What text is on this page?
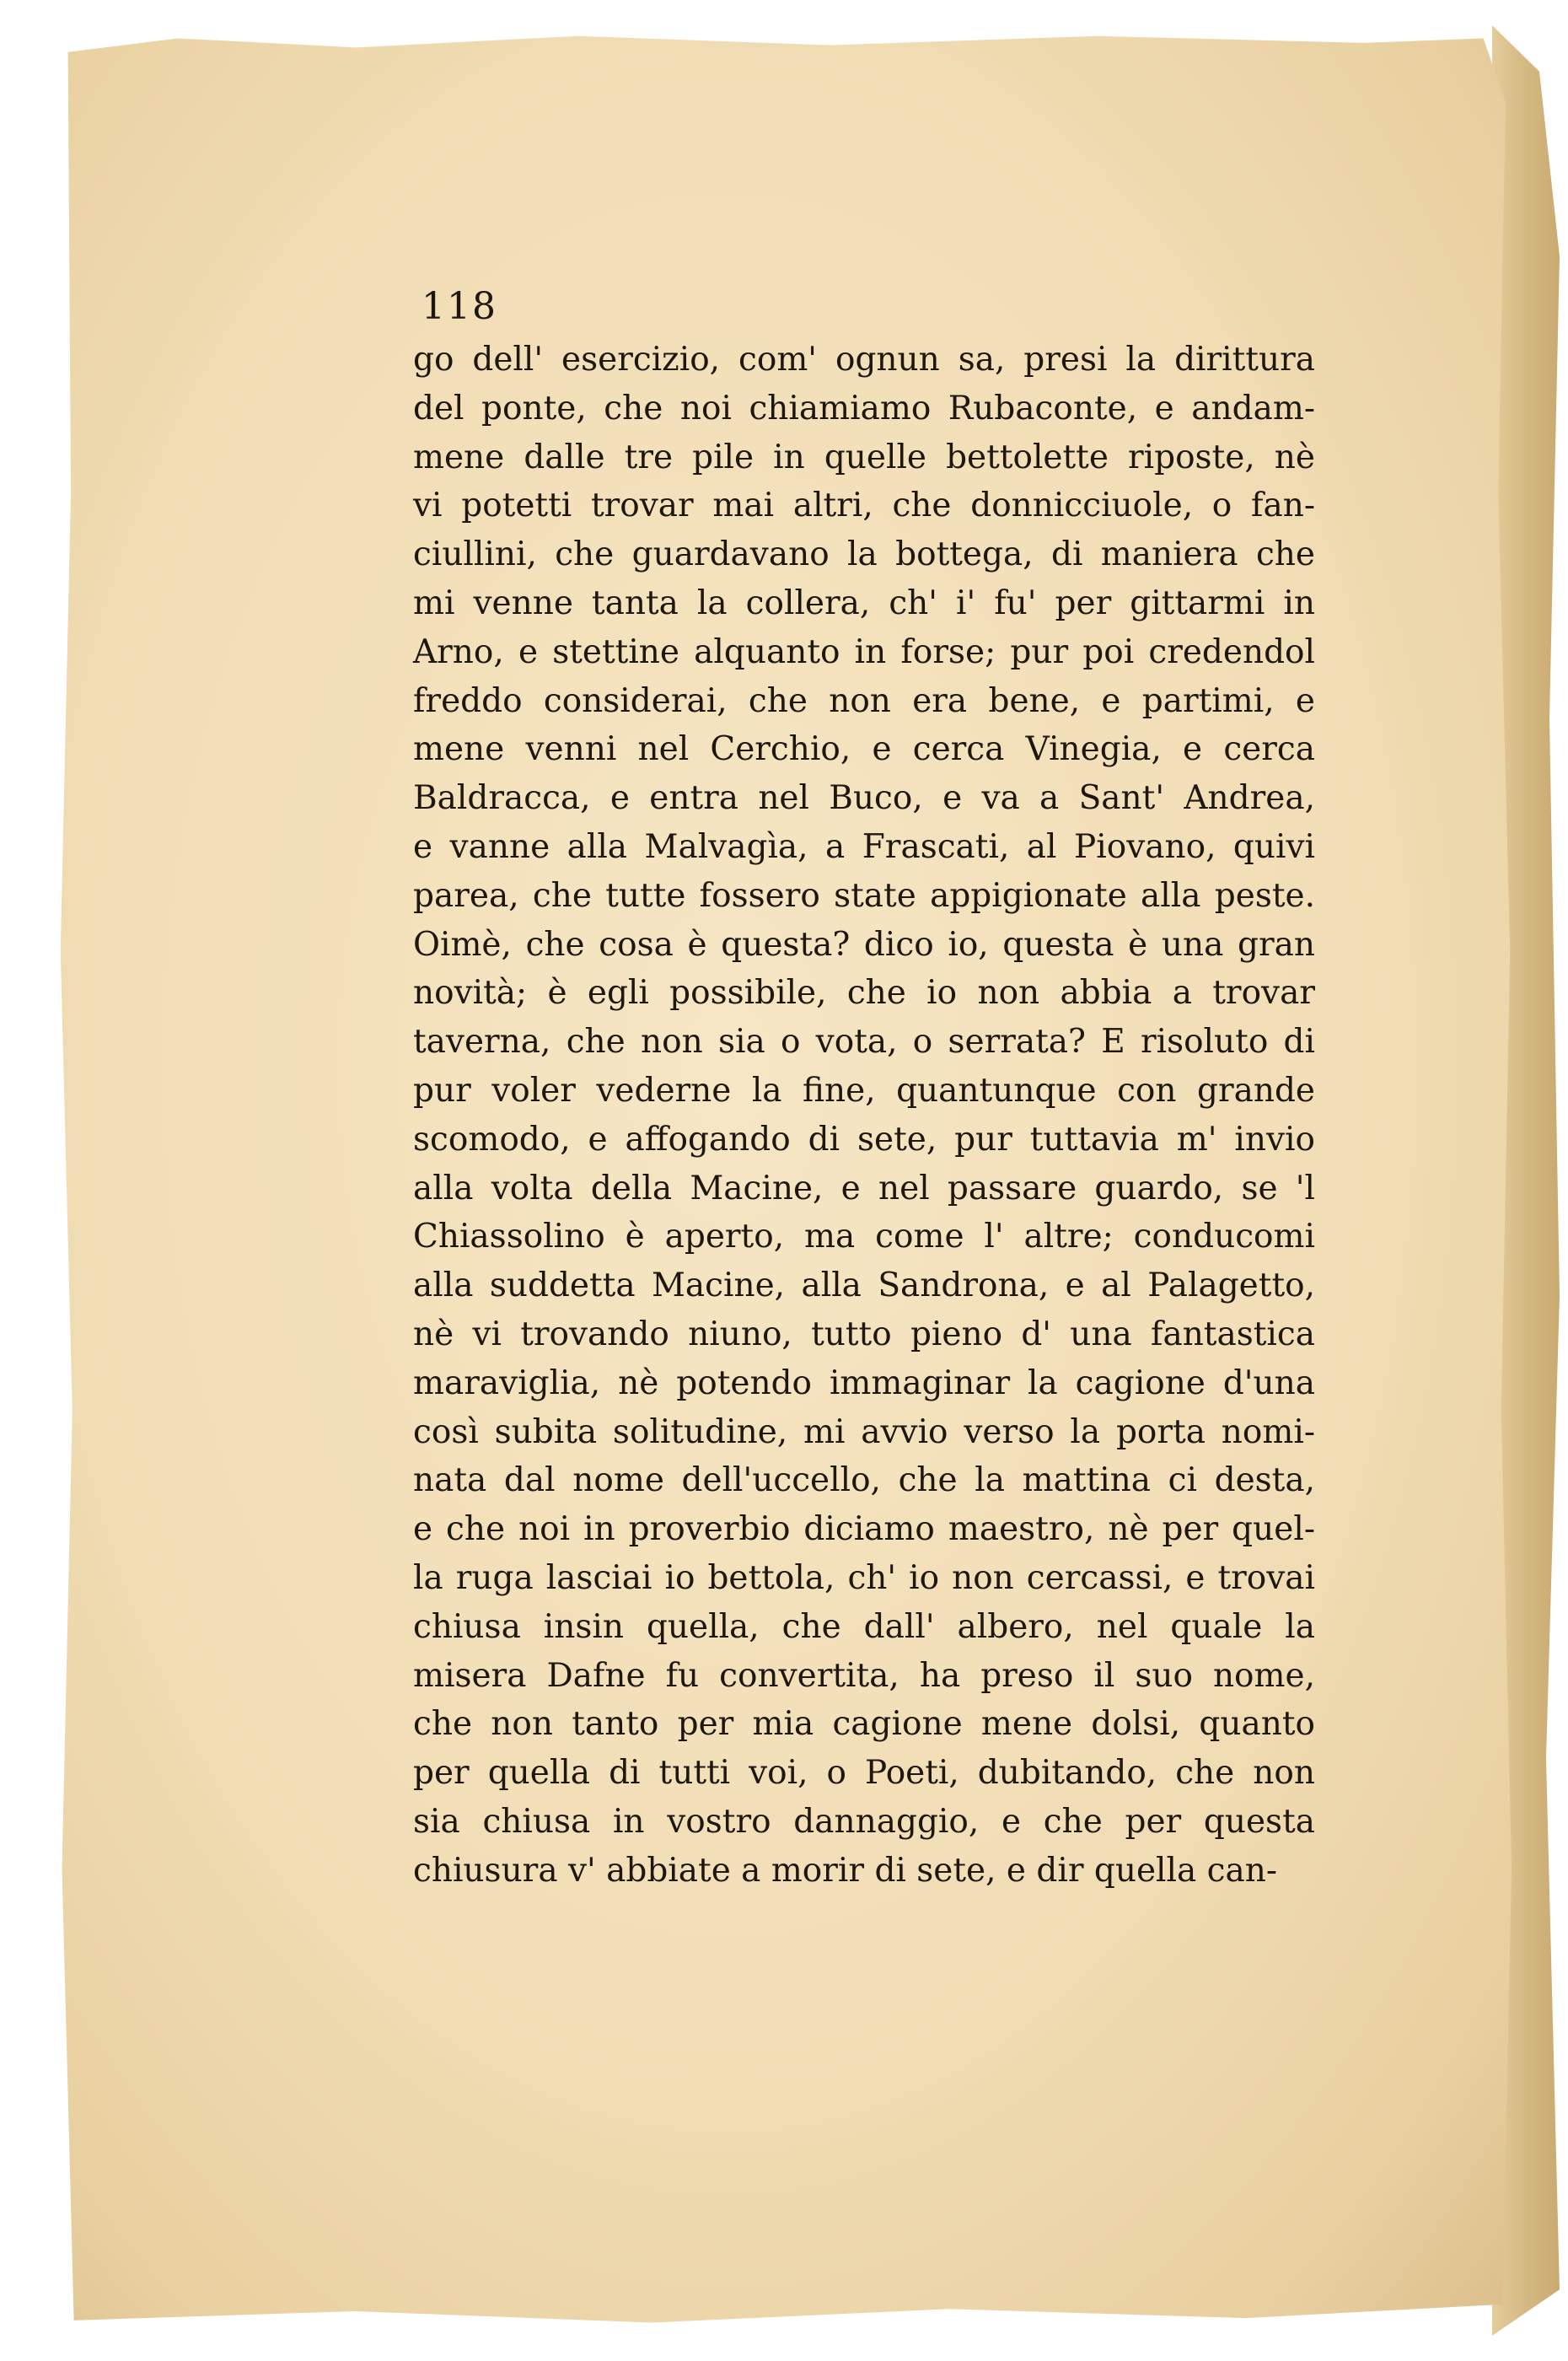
118
go dell' esercizio, com' ognun sa, presi la dirittura
del ponte, che noi chiamiamo Rubaconte, e andam-
mene dalle tre pile in quelle bettolette riposte, nè
vi potetti trovar mai altri, che donnicciuole, o fan-
ciullini, che guardavano la bottega, di maniera che
mi venne tanta la collera, ch' i' fu' per gittarmi in
Arno, e stettine alquanto in forse; pur poi credendol
freddo considerai, che non era bene, e partimi, e
mene venni nel Cerchio, e cerca Vinegia, e cerca
Baldracca, e entra nel Buco, e va a Sant' Andrea,
e vanne alla Malvagìa, a Frascati, al Piovano, quivi
parea, che tutte fossero state appigionate alla peste.
Oimè, che cosa è questa? dico io, questa è una gran
novità; è egli possibile, che io non abbia a trovar
taverna, che non sia o vota, o serrata? E risoluto di
pur voler vederne la fine, quantunque con grande
scomodo, e affogando di sete, pur tuttavia m' invio
alla volta della Macine, e nel passare guardo, se 'l
Chiassolino è aperto, ma come l' altre; conducomi
alla suddetta Macine, alla Sandrona, e al Palagetto,
nè vi trovando niuno, tutto pieno d' una fantastica
maraviglia, nè potendo immaginar la cagione d'una
così subita solitudine, mi avvio verso la porta nomi-
nata dal nome dell'uccello, che la mattina ci desta,
e che noi in proverbio diciamo maestro, nè per quel-
la ruga lasciai io bettola, ch' io non cercassi, e trovai
chiusa insin quella, che dall' albero, nel quale la
misera Dafne fu convertita, ha preso il suo nome,
che non tanto per mia cagione mene dolsi, quanto
per quella di tutti voi, o Poeti, dubitando, che non
sia chiusa in vostro dannaggio, e che per questa
chiusura v' abbiate a morir di sete, e dir quella can-
